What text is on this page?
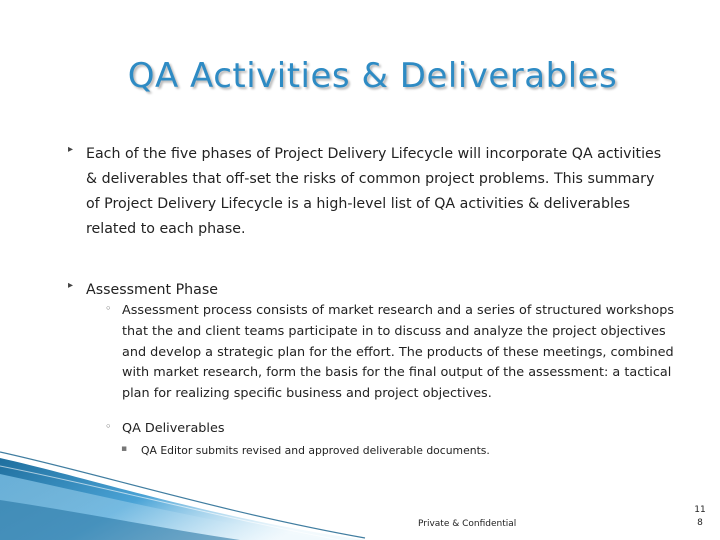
QA Activities & Deliverables
▸ Each of the five phases of Project Delivery Lifecycle will incorporate QA activities & deliverables that off-set the risks of common project problems. This summary of Project Delivery Lifecycle is a high-level list of QA activities & deliverables related to each phase.
▸ Assessment Phase
◦ Assessment process consists of market research and a series of structured workshops that the and client teams participate in to discuss and analyze the project objectives and develop a strategic plan for the effort. The products of these meetings, combined with market research, form the basis for the final output of the assessment: a tactical plan for realizing specific business and project objectives.
◦ QA Deliverables
▪ QA Editor submits revised and approved deliverable documents.
Private & Confidential
11
8
